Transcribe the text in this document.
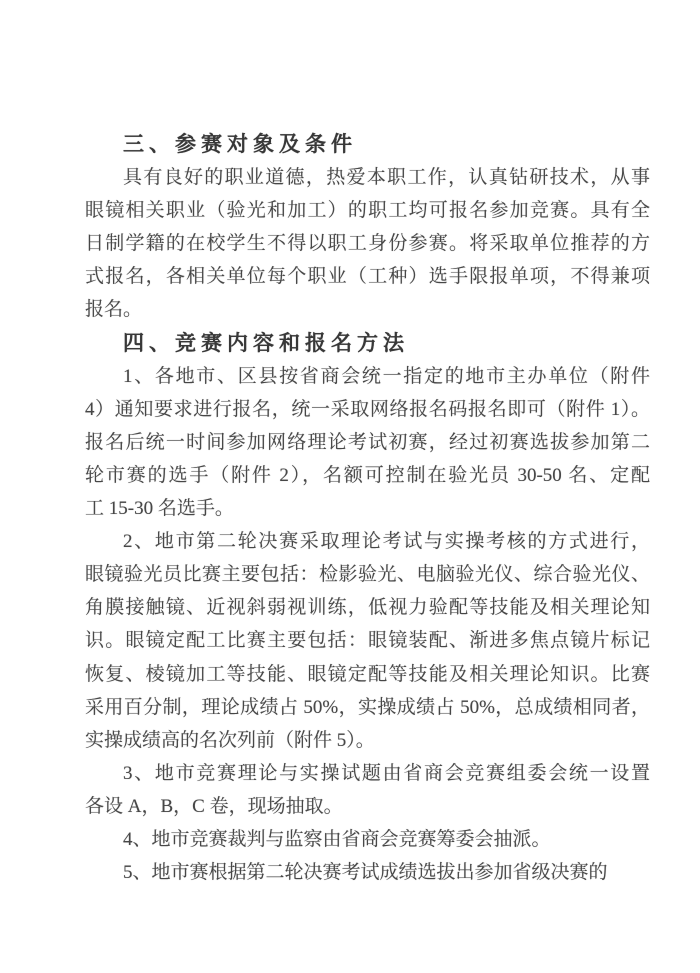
三、参赛对象及条件
具有良好的职业道德，热爱本职工作，认真钻研技术，从事
眼镜相关职业（验光和加工）的职工均可报名参加竞赛。具有全
日制学籍的在校学生不得以职工身份参赛。将采取单位推荐的方
式报名，各相关单位每个职业（工种）选手限报单项，不得兼项
报名。
四、竞赛内容和报名方法
1、各地市、区县按省商会统一指定的地市主办单位（附件
4）通知要求进行报名，统一采取网络报名码报名即可（附件 1）。
报名后统一时间参加网络理论考试初赛，经过初赛选拔参加第二
轮市赛的选手（附件 2），名额可控制在验光员 30-50 名、定配
工 15-30 名选手。
2、地市第二轮决赛采取理论考试与实操考核的方式进行，
眼镜验光员比赛主要包括：检影验光、电脑验光仪、综合验光仪、
角膜接触镜、近视斜弱视训练，低视力验配等技能及相关理论知
识。眼镜定配工比赛主要包括：眼镜装配、渐进多焦点镜片标记
恢复、棱镜加工等技能、眼镜定配等技能及相关理论知识。比赛
采用百分制，理论成绩占 50%，实操成绩占 50%，总成绩相同者，
实操成绩高的名次列前（附件 5）。
3、地市竞赛理论与实操试题由省商会竞赛组委会统一设置
各设 A，B，C 卷，现场抽取。
4、地市竞赛裁判与监察由省商会竞赛筹委会抽派。
5、地市赛根据第二轮决赛考试成绩选拔出参加省级决赛的
